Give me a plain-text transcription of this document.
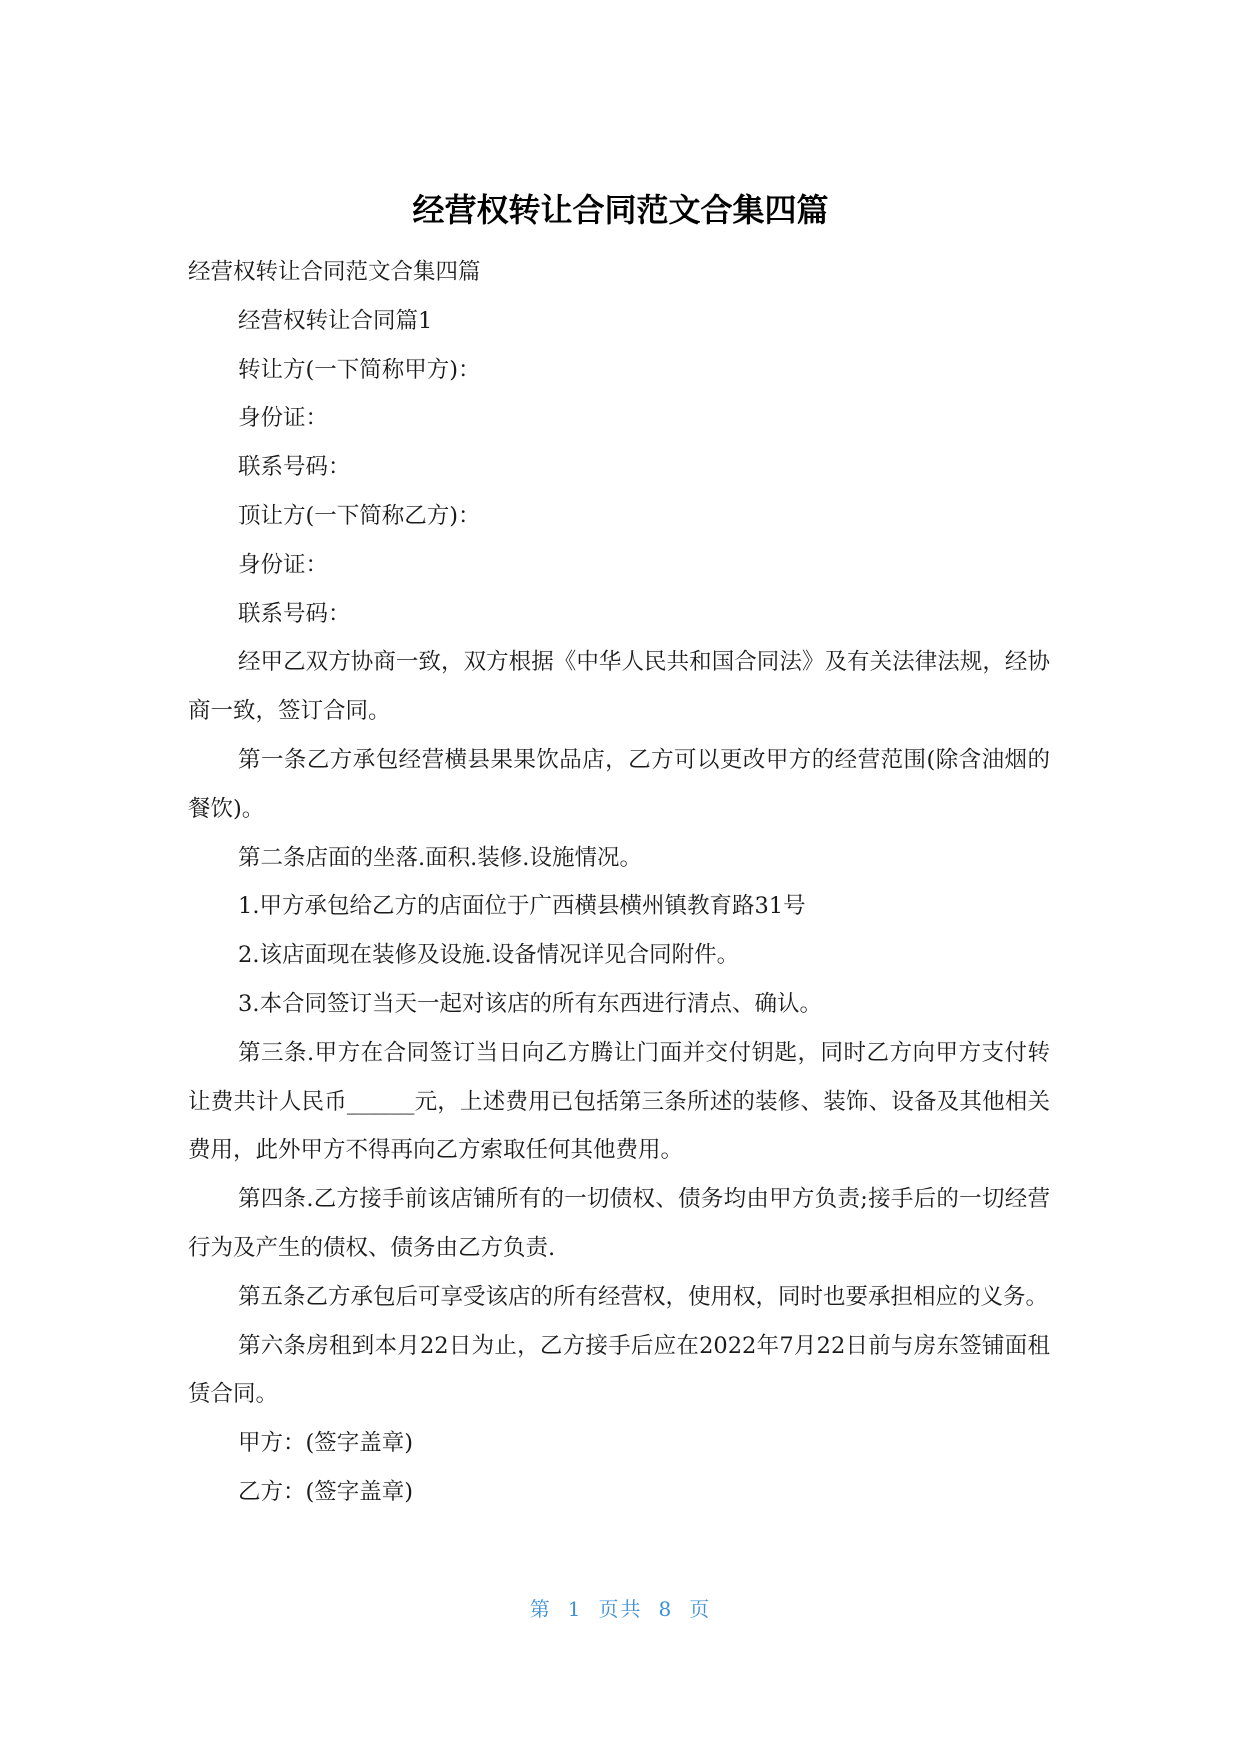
经营权转让合同范文合集四篇

经营权转让合同范文合集四篇

经营权转让合同篇1

转让方(一下简称甲方)：

身份证：

联系号码：

顶让方(一下简称乙方)：

身份证：

联系号码：

经甲乙双方协商一致，双方根据《中华人民共和国合同法》及有关法律法规，经协商一致，签订合同。

第一条乙方承包经营横县果果饮品店，乙方可以更改甲方的经营范围(除含油烟的餐饮)。

第二条店面的坐落.面积.装修.设施情况。

1.甲方承包给乙方的店面位于广西横县横州镇教育路31号

2.该店面现在装修及设施.设备情况详见合同附件。

3.本合同签订当天一起对该店的所有东西进行清点、确认。

第三条.甲方在合同签订当日向乙方腾让门面并交付钥匙，同时乙方向甲方支付转让费共计人民币______元，上述费用已包括第三条所述的装修、装饰、设备及其他相关费用，此外甲方不得再向乙方索取任何其他费用。

第四条.乙方接手前该店铺所有的一切债权、债务均由甲方负责;接手后的一切经营行为及产生的债权、债务由乙方负责.

第五条乙方承包后可享受该店的所有经营权，使用权，同时也要承担相应的义务。

第六条房租到本月22日为止，乙方接手后应在2022年7月22日前与房东签铺面租赁合同。

甲方：(签字盖章)

乙方：(签字盖章)

第 1 页共 8 页
